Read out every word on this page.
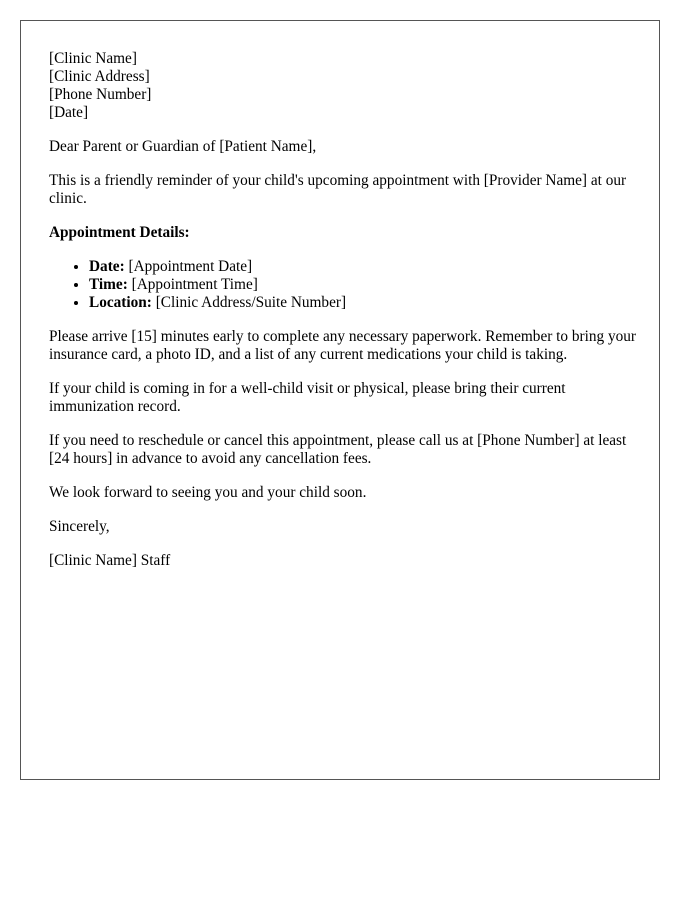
[Clinic Name]
[Clinic Address]
[Phone Number]
[Date]

Dear Parent or Guardian of [Patient Name],

This is a friendly reminder of your child's upcoming appointment with [Provider Name] at our clinic.

Appointment Details:

• Date: [Appointment Date]
• Time: [Appointment Time]
• Location: [Clinic Address/Suite Number]

Please arrive [15] minutes early to complete any necessary paperwork. Remember to bring your insurance card, a photo ID, and a list of any current medications your child is taking.

If your child is coming in for a well-child visit or physical, please bring their current immunization record.

If you need to reschedule or cancel this appointment, please call us at [Phone Number] at least [24 hours] in advance to avoid any cancellation fees.

We look forward to seeing you and your child soon.

Sincerely,

[Clinic Name] Staff
